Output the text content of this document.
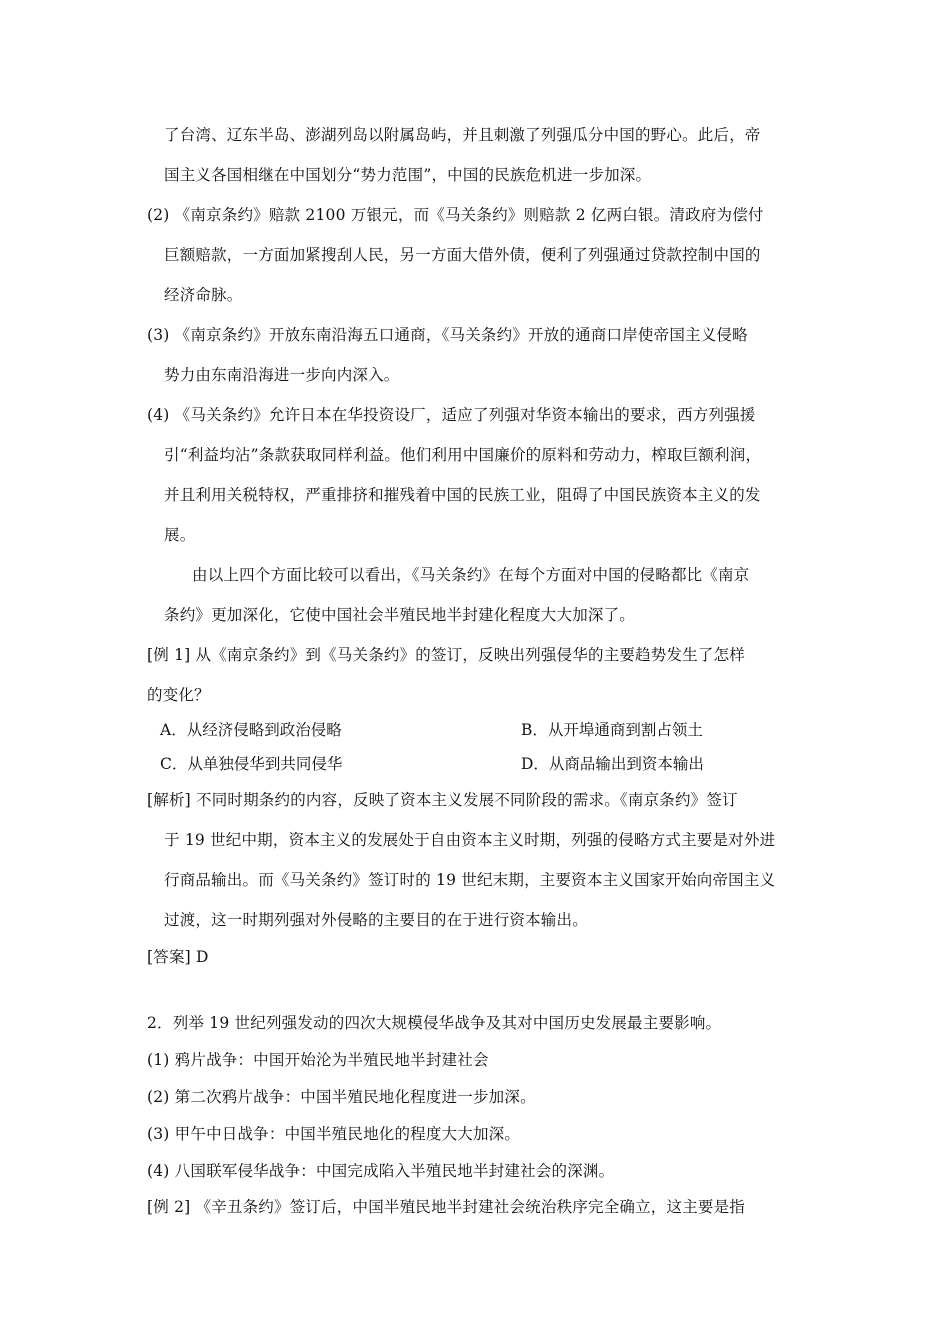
了台湾、辽东半岛、澎湖列岛以附属岛屿，并且刺激了列强瓜分中国的野心。此后，帝
国主义各国相继在中国划分“势力范围”，中国的民族危机进一步加深。
(2) 《南京条约》赔款 2100 万银元，而《马关条约》则赔款 2 亿两白银。清政府为偿付
巨额赔款，一方面加紧搜刮人民，另一方面大借外债，便利了列强通过贷款控制中国的
经济命脉。
(3) 《南京条约》开放东南沿海五口通商，《马关条约》开放的通商口岸使帝国主义侵略
势力由东南沿海进一步向内深入。
(4) 《马关条约》允许日本在华投资设厂，适应了列强对华资本输出的要求，西方列强援
引“利益均沾”条款获取同样利益。他们利用中国廉价的原料和劳动力，榨取巨额利润，
并且利用关税特权，严重排挤和摧残着中国的民族工业，阻碍了中国民族资本主义的发
展。
由以上四个方面比较可以看出，《马关条约》在每个方面对中国的侵略都比《南京
条约》更加深化，它使中国社会半殖民地半封建化程度大大加深了。
[例 1] 从《南京条约》到《马关条约》的签订，反映出列强侵华的主要趋势发生了怎样
的变化？
A．从经济侵略到政治侵略	B．从开埠通商到割占领土
C．从单独侵华到共同侵华	D．从商品输出到资本输出
[解析] 不同时期条约的内容，反映了资本主义发展不同阶段的需求。《南京条约》签订
于 19 世纪中期，资本主义的发展处于自由资本主义时期，列强的侵略方式主要是对外进
行商品输出。而《马关条约》签订时的 19 世纪末期，主要资本主义国家开始向帝国主义
过渡，这一时期列强对外侵略的主要目的在于进行资本输出。
[答案] D
2．列举 19 世纪列强发动的四次大规模侵华战争及其对中国历史发展最主要影响。
(1) 鸦片战争：中国开始沦为半殖民地半封建社会
(2) 第二次鸦片战争：中国半殖民地化程度进一步加深。
(3) 甲午中日战争：中国半殖民地化的程度大大加深。
(4) 八国联军侵华战争：中国完成陷入半殖民地半封建社会的深渊。
[例 2] 《辛丑条约》签订后，中国半殖民地半封建社会统治秩序完全确立，这主要是指
